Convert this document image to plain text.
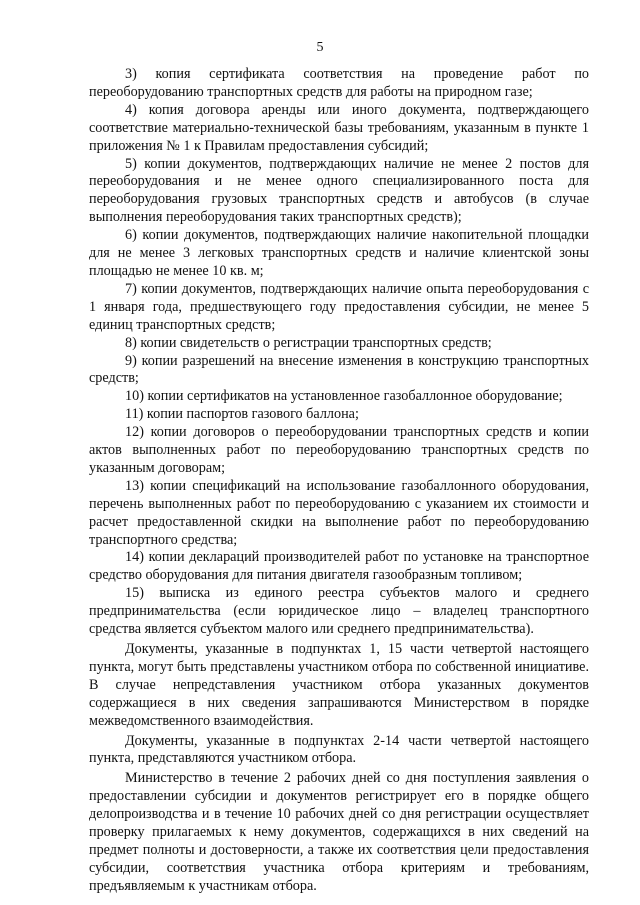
5

3) копия сертификата соответствия на проведение работ по переоборудованию транспортных средств для работы на природном газе;

4) копия договора аренды или иного документа, подтверждающего соответствие материально-технической базы требованиям, указанным в пункте 1 приложения № 1 к Правилам предоставления субсидий;

5) копии документов, подтверждающих наличие не менее 2 постов для переоборудования и не менее одного специализированного поста для переоборудования грузовых транспортных средств и автобусов (в случае выполнения переоборудования таких транспортных средств);

6) копии документов, подтверждающих наличие накопительной площадки для не менее 3 легковых транспортных средств и наличие клиентской зоны площадью не менее 10 кв. м;

7) копии документов, подтверждающих наличие опыта переоборудования с 1 января года, предшествующего году предоставления субсидии, не менее 5 единиц транспортных средств;

8) копии свидетельств о регистрации транспортных средств;

9) копии разрешений на внесение изменения в конструкцию транспортных средств;

10) копии сертификатов на установленное газобаллонное оборудование;

11) копии паспортов газового баллона;

12) копии договоров о переоборудовании транспортных средств и копии актов выполненных работ по переоборудованию транспортных средств по указанным договорам;

13) копии спецификаций на использование газобаллонного оборудования, перечень выполненных работ по переоборудованию с указанием их стоимости и расчет предоставленной скидки на выполнение работ по переоборудованию транспортного средства;

14) копии деклараций производителей работ по установке на транспортное средство оборудования для питания двигателя газообразным топливом;

15) выписка из единого реестра субъектов малого и среднего предпринимательства (если юридическое лицо – владелец транспортного средства является субъектом малого или среднего предпринимательства).

Документы, указанные в подпунктах 1, 15 части четвертой настоящего пункта, могут быть представлены участником отбора по собственной инициативе. В случае непредставления участником отбора указанных документов содержащиеся в них сведения запрашиваются Министерством в порядке межведомственного взаимодействия.

Документы, указанные в подпунктах 2-14 части четвертой настоящего пункта, представляются участником отбора.

Министерство в течение 2 рабочих дней со дня поступления заявления о предоставлении субсидии и документов регистрирует его в порядке общего делопроизводства и в течение 10 рабочих дней со дня регистрации осуществляет проверку прилагаемых к нему документов, содержащихся в них сведений на предмет полноты и достоверности, а также их соответствия цели предоставления субсидии, соответствия участника отбора критериям и требованиям, предъявляемым к участникам отбора.
